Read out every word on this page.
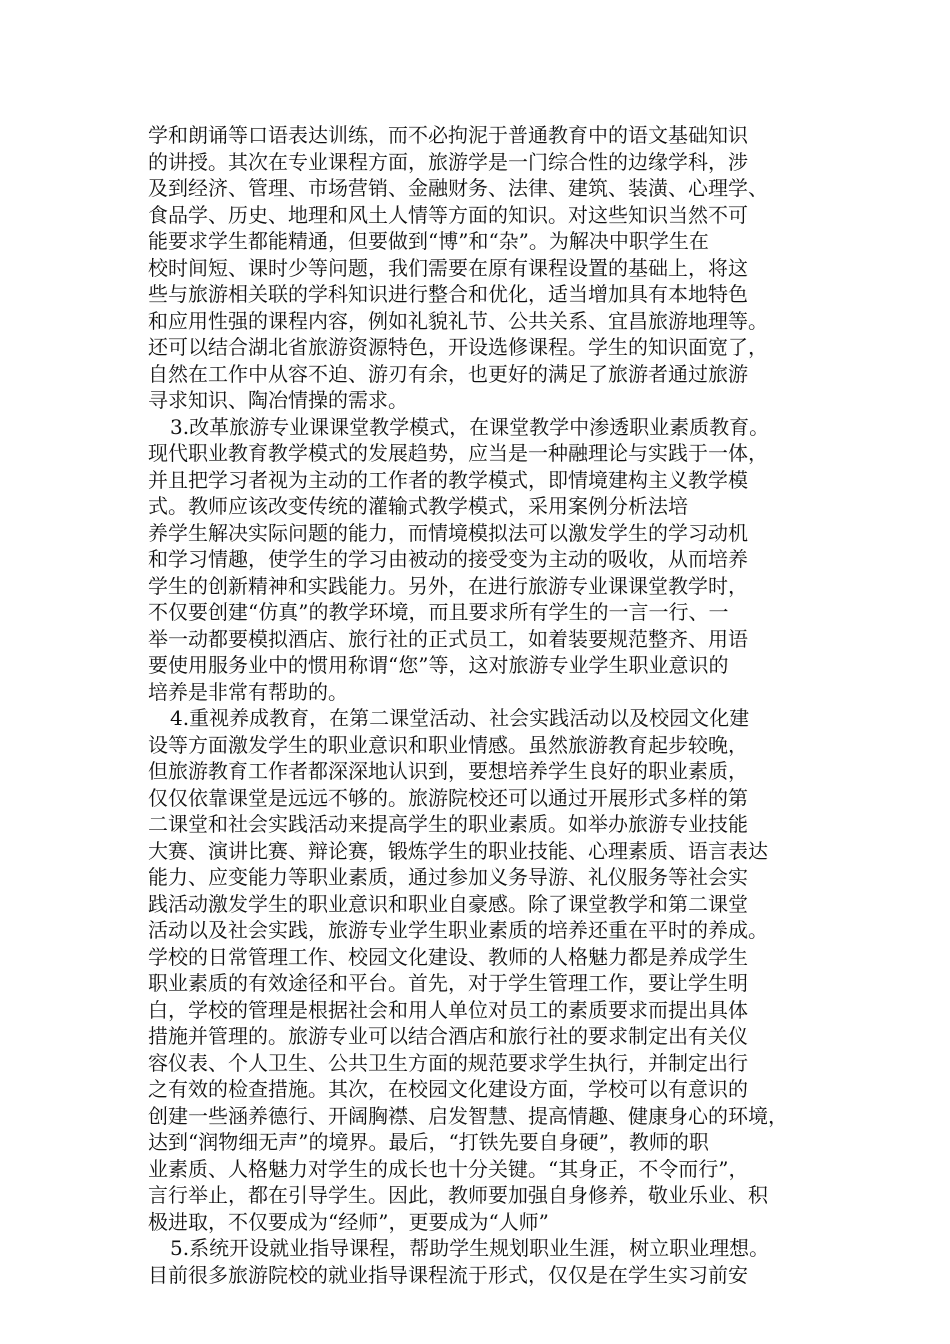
学和朗诵等口语表达训练，而不必拘泥于普通教育中的语文基础知识
的讲授。其次在专业课程方面，旅游学是一门综合性的边缘学科，涉
及到经济、管理、市场营销、金融财务、法律、建筑、装潢、心理学、
食品学、历史、地理和风土人情等方面的知识。对这些知识当然不可
能要求学生都能精通，但要做到“博”和“杂”。为解决中职学生在
校时间短、课时少等问题，我们需要在原有课程设置的基础上，将这
些与旅游相关联的学科知识进行整合和优化，适当增加具有本地特色
和应用性强的课程内容，例如礼貌礼节、公共关系、宜昌旅游地理等。
还可以结合湖北省旅游资源特色，开设选修课程。学生的知识面宽了，
自然在工作中从容不迫、游刃有余，也更好的满足了旅游者通过旅游
寻求知识、陶冶情操的需求。
3.改革旅游专业课课堂教学模式，在课堂教学中渗透职业素质教育。
现代职业教育教学模式的发展趋势，应当是一种融理论与实践于一体，
并且把学习者视为主动的工作者的教学模式，即情境建构主义教学模
式。教师应该改变传统的灌输式教学模式，采用案例分析法培
养学生解决实际问题的能力，而情境模拟法可以激发学生的学习动机
和学习情趣，使学生的学习由被动的接受变为主动的吸收，从而培养
学生的创新精神和实践能力。另外，在进行旅游专业课课堂教学时，
不仅要创建“仿真”的教学环境，而且要求所有学生的一言一行、一
举一动都要模拟酒店、旅行社的正式员工，如着装要规范整齐、用语
要使用服务业中的惯用称谓“您”等，这对旅游专业学生职业意识的
培养是非常有帮助的。
4.重视养成教育，在第二课堂活动、社会实践活动以及校园文化建
设等方面激发学生的职业意识和职业情感。虽然旅游教育起步较晚，
但旅游教育工作者都深深地认识到，要想培养学生良好的职业素质，
仅仅依靠课堂是远远不够的。旅游院校还可以通过开展形式多样的第
二课堂和社会实践活动来提高学生的职业素质。如举办旅游专业技能
大赛、演讲比赛、辩论赛，锻炼学生的职业技能、心理素质、语言表达
能力、应变能力等职业素质，通过参加义务导游、礼仪服务等社会实
践活动激发学生的职业意识和职业自豪感。除了课堂教学和第二课堂
活动以及社会实践，旅游专业学生职业素质的培养还重在平时的养成。
学校的日常管理工作、校园文化建设、教师的人格魅力都是养成学生
职业素质的有效途径和平台。首先，对于学生管理工作，要让学生明
白，学校的管理是根据社会和用人单位对员工的素质要求而提出具体
措施并管理的。旅游专业可以结合酒店和旅行社的要求制定出有关仪
容仪表、个人卫生、公共卫生方面的规范要求学生执行，并制定出行
之有效的检查措施。其次，在校园文化建设方面，学校可以有意识的
创建一些涵养德行、开阔胸襟、启发智慧、提高情趣、健康身心的环境，
达到“润物细无声”的境界。最后，“打铁先要自身硬”，教师的职
业素质、人格魅力对学生的成长也十分关键。“其身正，不令而行”，
言行举止，都在引导学生。因此，教师要加强自身修养，敬业乐业、积
极进取，不仅要成为“经师”，更要成为“人师”
5.系统开设就业指导课程，帮助学生规划职业生涯，树立职业理想。
目前很多旅游院校的就业指导课程流于形式，仅仅是在学生实习前安
